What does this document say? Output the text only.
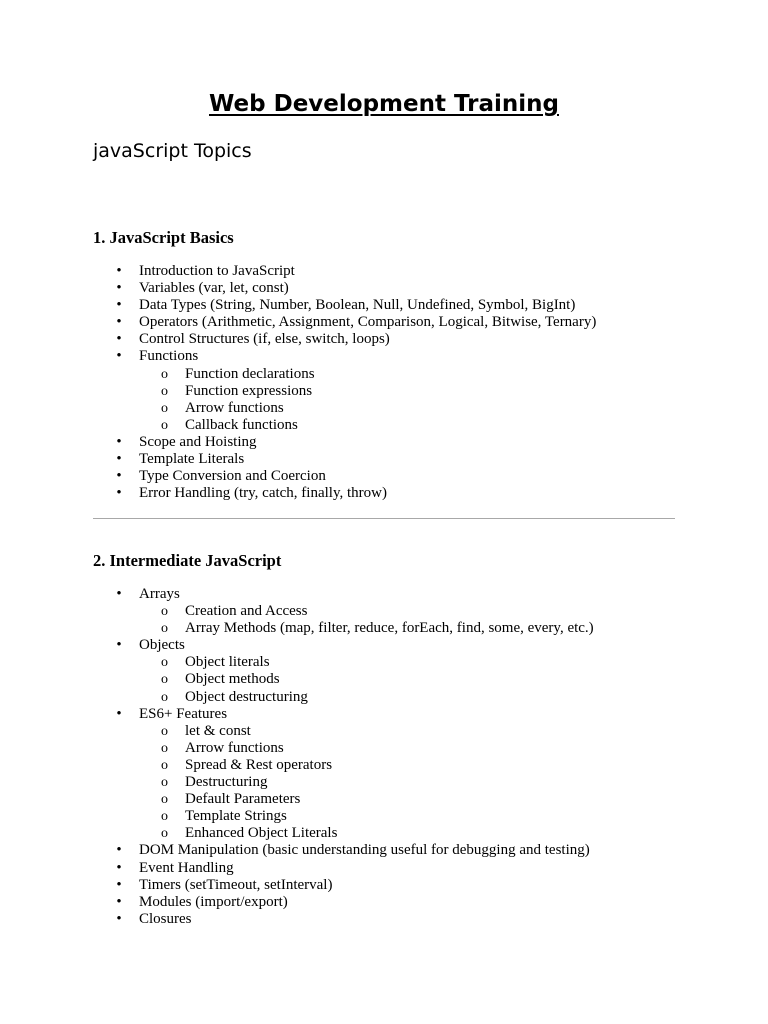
Web Development Training

javaScript Topics

1. JavaScript Basics
• Introduction to JavaScript
• Variables (var, let, const)
• Data Types (String, Number, Boolean, Null, Undefined, Symbol, BigInt)
• Operators (Arithmetic, Assignment, Comparison, Logical, Bitwise, Ternary)
• Control Structures (if, else, switch, loops)
• Functions
o Function declarations
o Function expressions
o Arrow functions
o Callback functions
• Scope and Hoisting
• Template Literals
• Type Conversion and Coercion
• Error Handling (try, catch, finally, throw)
2. Intermediate JavaScript
• Arrays
o Creation and Access
o Array Methods (map, filter, reduce, forEach, find, some, every, etc.)
• Objects
o Object literals
o Object methods
o Object destructuring
• ES6+ Features
o let & const
o Arrow functions
o Spread & Rest operators
o Destructuring
o Default Parameters
o Template Strings
o Enhanced Object Literals
• DOM Manipulation (basic understanding useful for debugging and testing)
• Event Handling
• Timers (setTimeout, setInterval)
• Modules (import/export)
• Closures
